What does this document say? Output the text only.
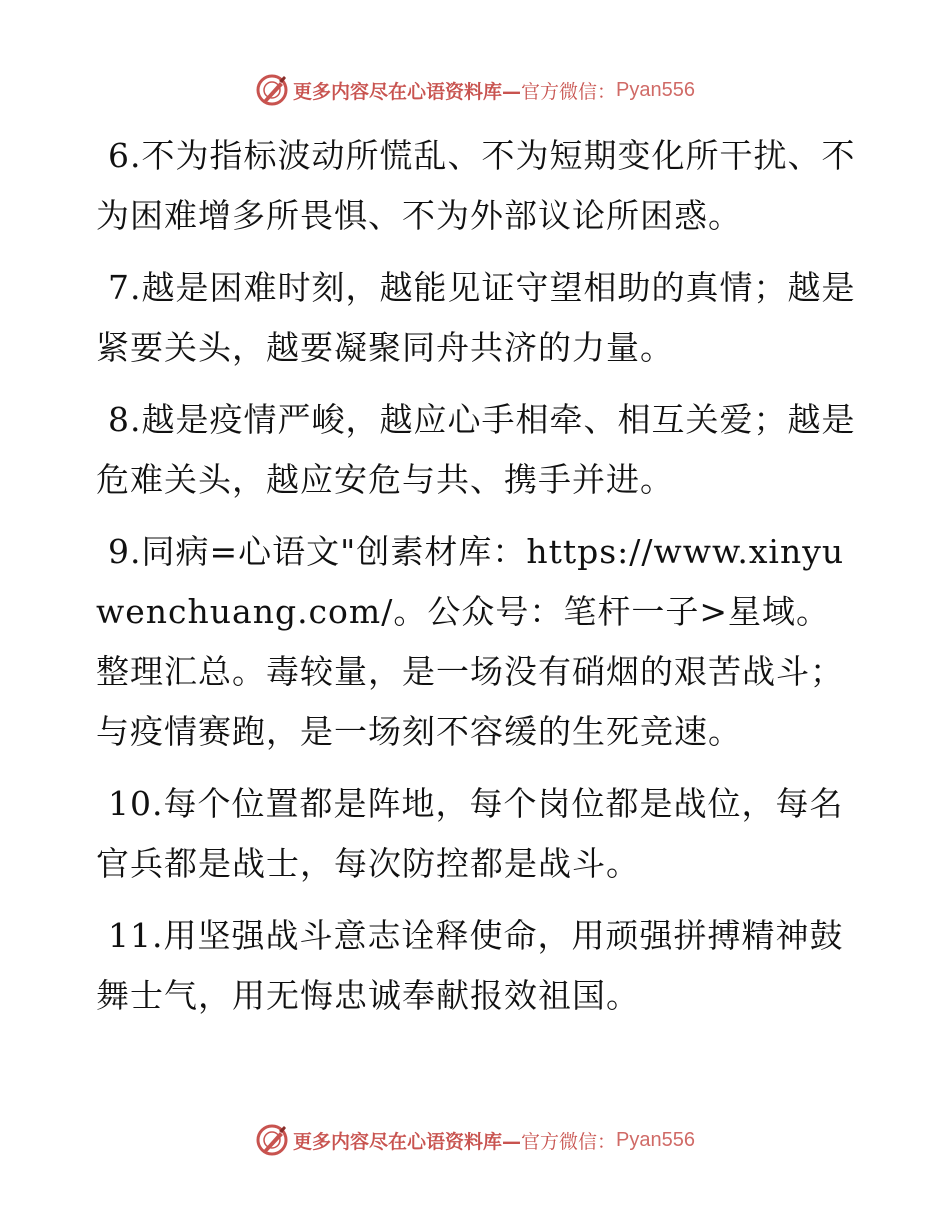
更多内容尽在心语资料库— 官方微信： Pyan556

6.不为指标波动所慌乱、不为短期变化所干扰、不为困难增多所畏惧、不为外部议论所困惑。

7.越是困难时刻，越能见证守望相助的真情；越是紧要关头，越要凝聚同舟共济的力量。

8.越是疫情严峻，越应心手相牵、相互关爱；越是危难关头，越应安危与共、携手并进。

9.同病=心语文"创素材库：https://www.xinyuwenchuang.com/。公众号：笔杆一子>星域。整理汇总。毒较量，是一场没有硝烟的艰苦战斗；与疫情赛跑，是一场刻不容缓的生死竞速。

10.每个位置都是阵地，每个岗位都是战位，每名官兵都是战士，每次防控都是战斗。

11.用坚强战斗意志诠释使命，用顽强拼搏精神鼓舞士气，用无悔忠诚奉献报效祖国。

更多内容尽在心语资料库— 官方微信： Pyan556
